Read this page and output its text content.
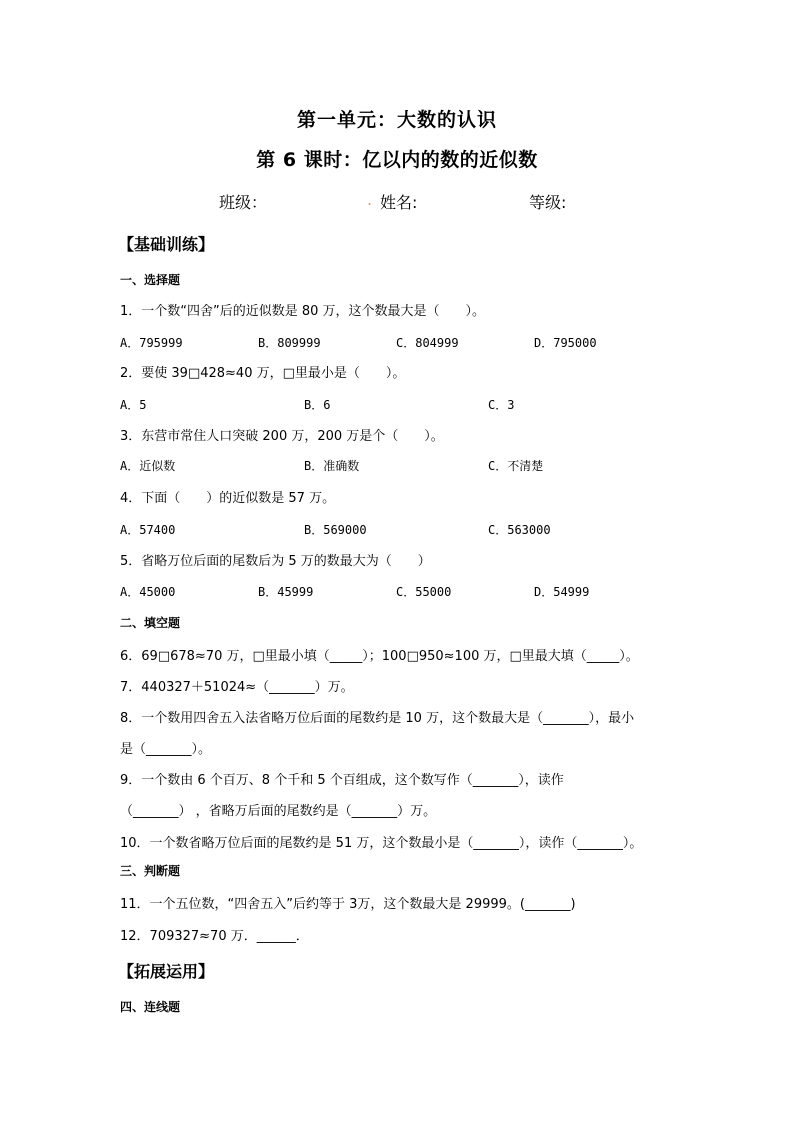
第一单元：大数的认识
第 6 课时：亿以内的数的近似数
班级：	. 姓名:	等级:
【基础训练】
一、选择题
1．一个数“四舍”后的近似数是 80 万，这个数最大是（　　）。
A．795999	B．809999	C．804999	D．795000
2．要使 39□428≈40 万，□里最小是（　　）。
A．5	B．6	C．3
3．东营市常住人口突破 200 万，200 万是个（　　）。
A．近似数	B．准确数	C．不清楚
4．下面（　　）的近似数是 57 万。
A．57400	B．569000	C．563000
5．省略万位后面的尾数后为 5 万的数最大为（　　）
A．45000	B．45999	C．55000	D．54999
二、填空题
6．69□678≈70 万，□里最小填（_____）；100□950≈100 万，□里最大填（_____）。
7．440327＋51024≈（_______）万。
8．一个数用四舍五入法省略万位后面的尾数约是 10 万，这个数最大是（_______），最小
是（_______）。
9．一个数由 6 个百万、8 个千和 5 个百组成，这个数写作（_______），读作
（_______） ，省略万后面的尾数约是（_______）万。
10．一个数省略万位后面的尾数约是 51 万，这个数最小是（_______），读作（_______）。
三、判断题
11．一个五位数，“四舍五入”后约等于 3万，这个数最大是 29999。(_______)
12．709327≈70 万．______．
【拓展运用】
四、连线题
